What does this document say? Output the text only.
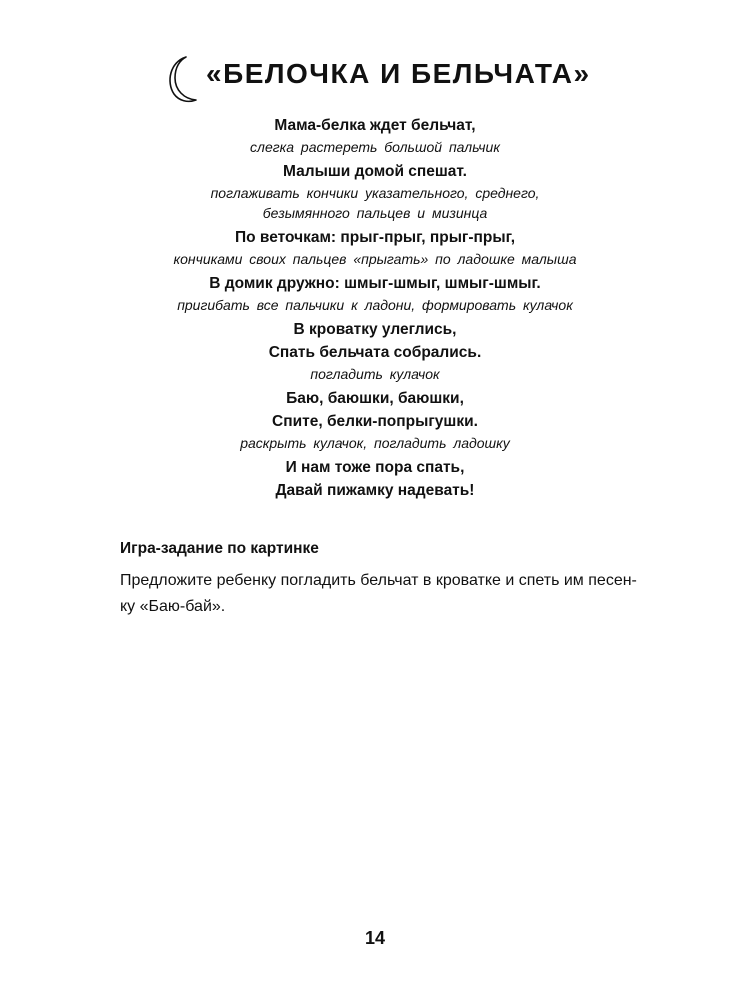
«БЕЛОЧКА И БЕЛЬЧАТА»

Мама-белка ждет бельчат,

слегка растереть большой пальчик

Малыши домой спешат.

поглаживать кончики указательного, среднего,

безымянного пальцев и мизинца

По веточкам: прыг-прыг, прыг-прыг,

кончиками своих пальцев «прыгать» по ладошке малыша

В домик дружно: шмыг-шмыг, шмыг-шмыг.

пригибать все пальчики к ладони, формировать кулачок

В кроватку улеглись,

Спать бельчата собрались.

погладить кулачок

Баю, баюшки, баюшки,

Спите, белки-попрыгушки.

раскрыть кулачок, погладить ладошку

И нам тоже пора спать,

Давай пижамку надевать!

Игра-задание по картинке

Предложите ребенку погладить бельчат в кроватке и спеть им песен-
ку «Баю-бай».

14
